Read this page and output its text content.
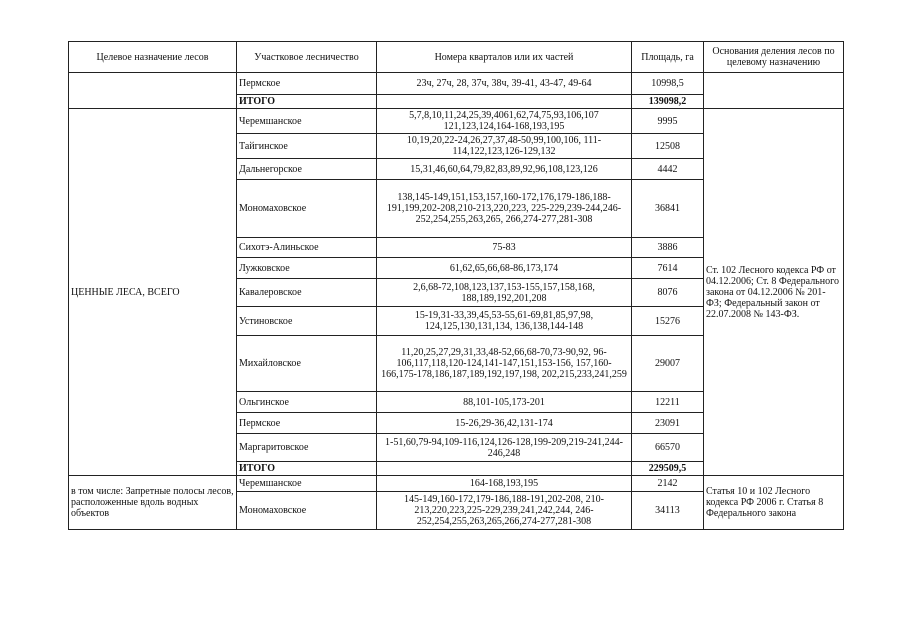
Целевое назначение лесов	Участковое лесничество	Номера кварталов или их частей	Площадь, га	Основания деления лесов по целевому назначению
	Пермское	23ч, 27ч, 28, 37ч, 38ч, 39-41, 43-47, 49-64	10998,5	
	ИТОГО		139098,2	
ЦЕННЫЕ ЛЕСА, ВСЕГО	Черемшанское	5,7,8,10,11,24,25,39,4061,62,74,75,93,106,107 121,123,124,164-168,193,195	9995	Ст. 102 Лесного кодекса РФ от 04.12.2006; Ст. 8 Федерального закона от 04.12.2006 № 201-ФЗ; Федеральный закон от 22.07.2008 № 143-ФЗ.
	Тайгинское	10,19,20,22-24,26,27,37,48-50,99,100,106, 111-114,122,123,126-129,132	12508	
	Дальнегорское	15,31,46,60,64,79,82,83,89,92,96,108,123,126	4442	
	Мономаховское	138,145-149,151,153,157,160-172,176,179-186,188-191,199,202-208,210-213,220,223, 225-229,239-244,246-252,254,255,263,265, 266,274-277,281-308	36841	
	Сихотэ-Алиньское	75-83	3886	
	Лужковское	61,62,65,66,68-86,173,174	7614	
	Кавалеровское	2,6,68-72,108,123,137,153-155,157,158,168, 188,189,192,201,208	8076	
	Устиновское	15-19,31-33,39,45,53-55,61-69,81,85,97,98, 124,125,130,131,134, 136,138,144-148	15276	
	Михайловское	11,20,25,27,29,31,33,48-52,66,68-70,73-90,92, 96-106,117,118,120-124,141-147,151,153-156, 157,160-166,175-178,186,187,189,192,197,198, 202,215,233,241,259	29007	
	Ольгинское	88,101-105,173-201	12211	
	Пермское	15-26,29-36,42,131-174	23091	
	Маргаритовское	1-51,60,79-94,109-116,124,126-128,199-209,219-241,244-246,248	66570	
	ИТОГО		229509,5	
в том числе: Запретные полосы лесов, расположенные вдоль водных объектов	Черемшанское	164-168,193,195	2142	Статья 10 и 102 Лесного кодекса РФ 2006 г. Статья 8 Федерального закона
	Мономаховское	145-149,160-172,179-186,188-191,202-208, 210-213,220,223,225-229,239,241,242,244, 246-252,254,255,263,265,266,274-277,281-308	34113	
